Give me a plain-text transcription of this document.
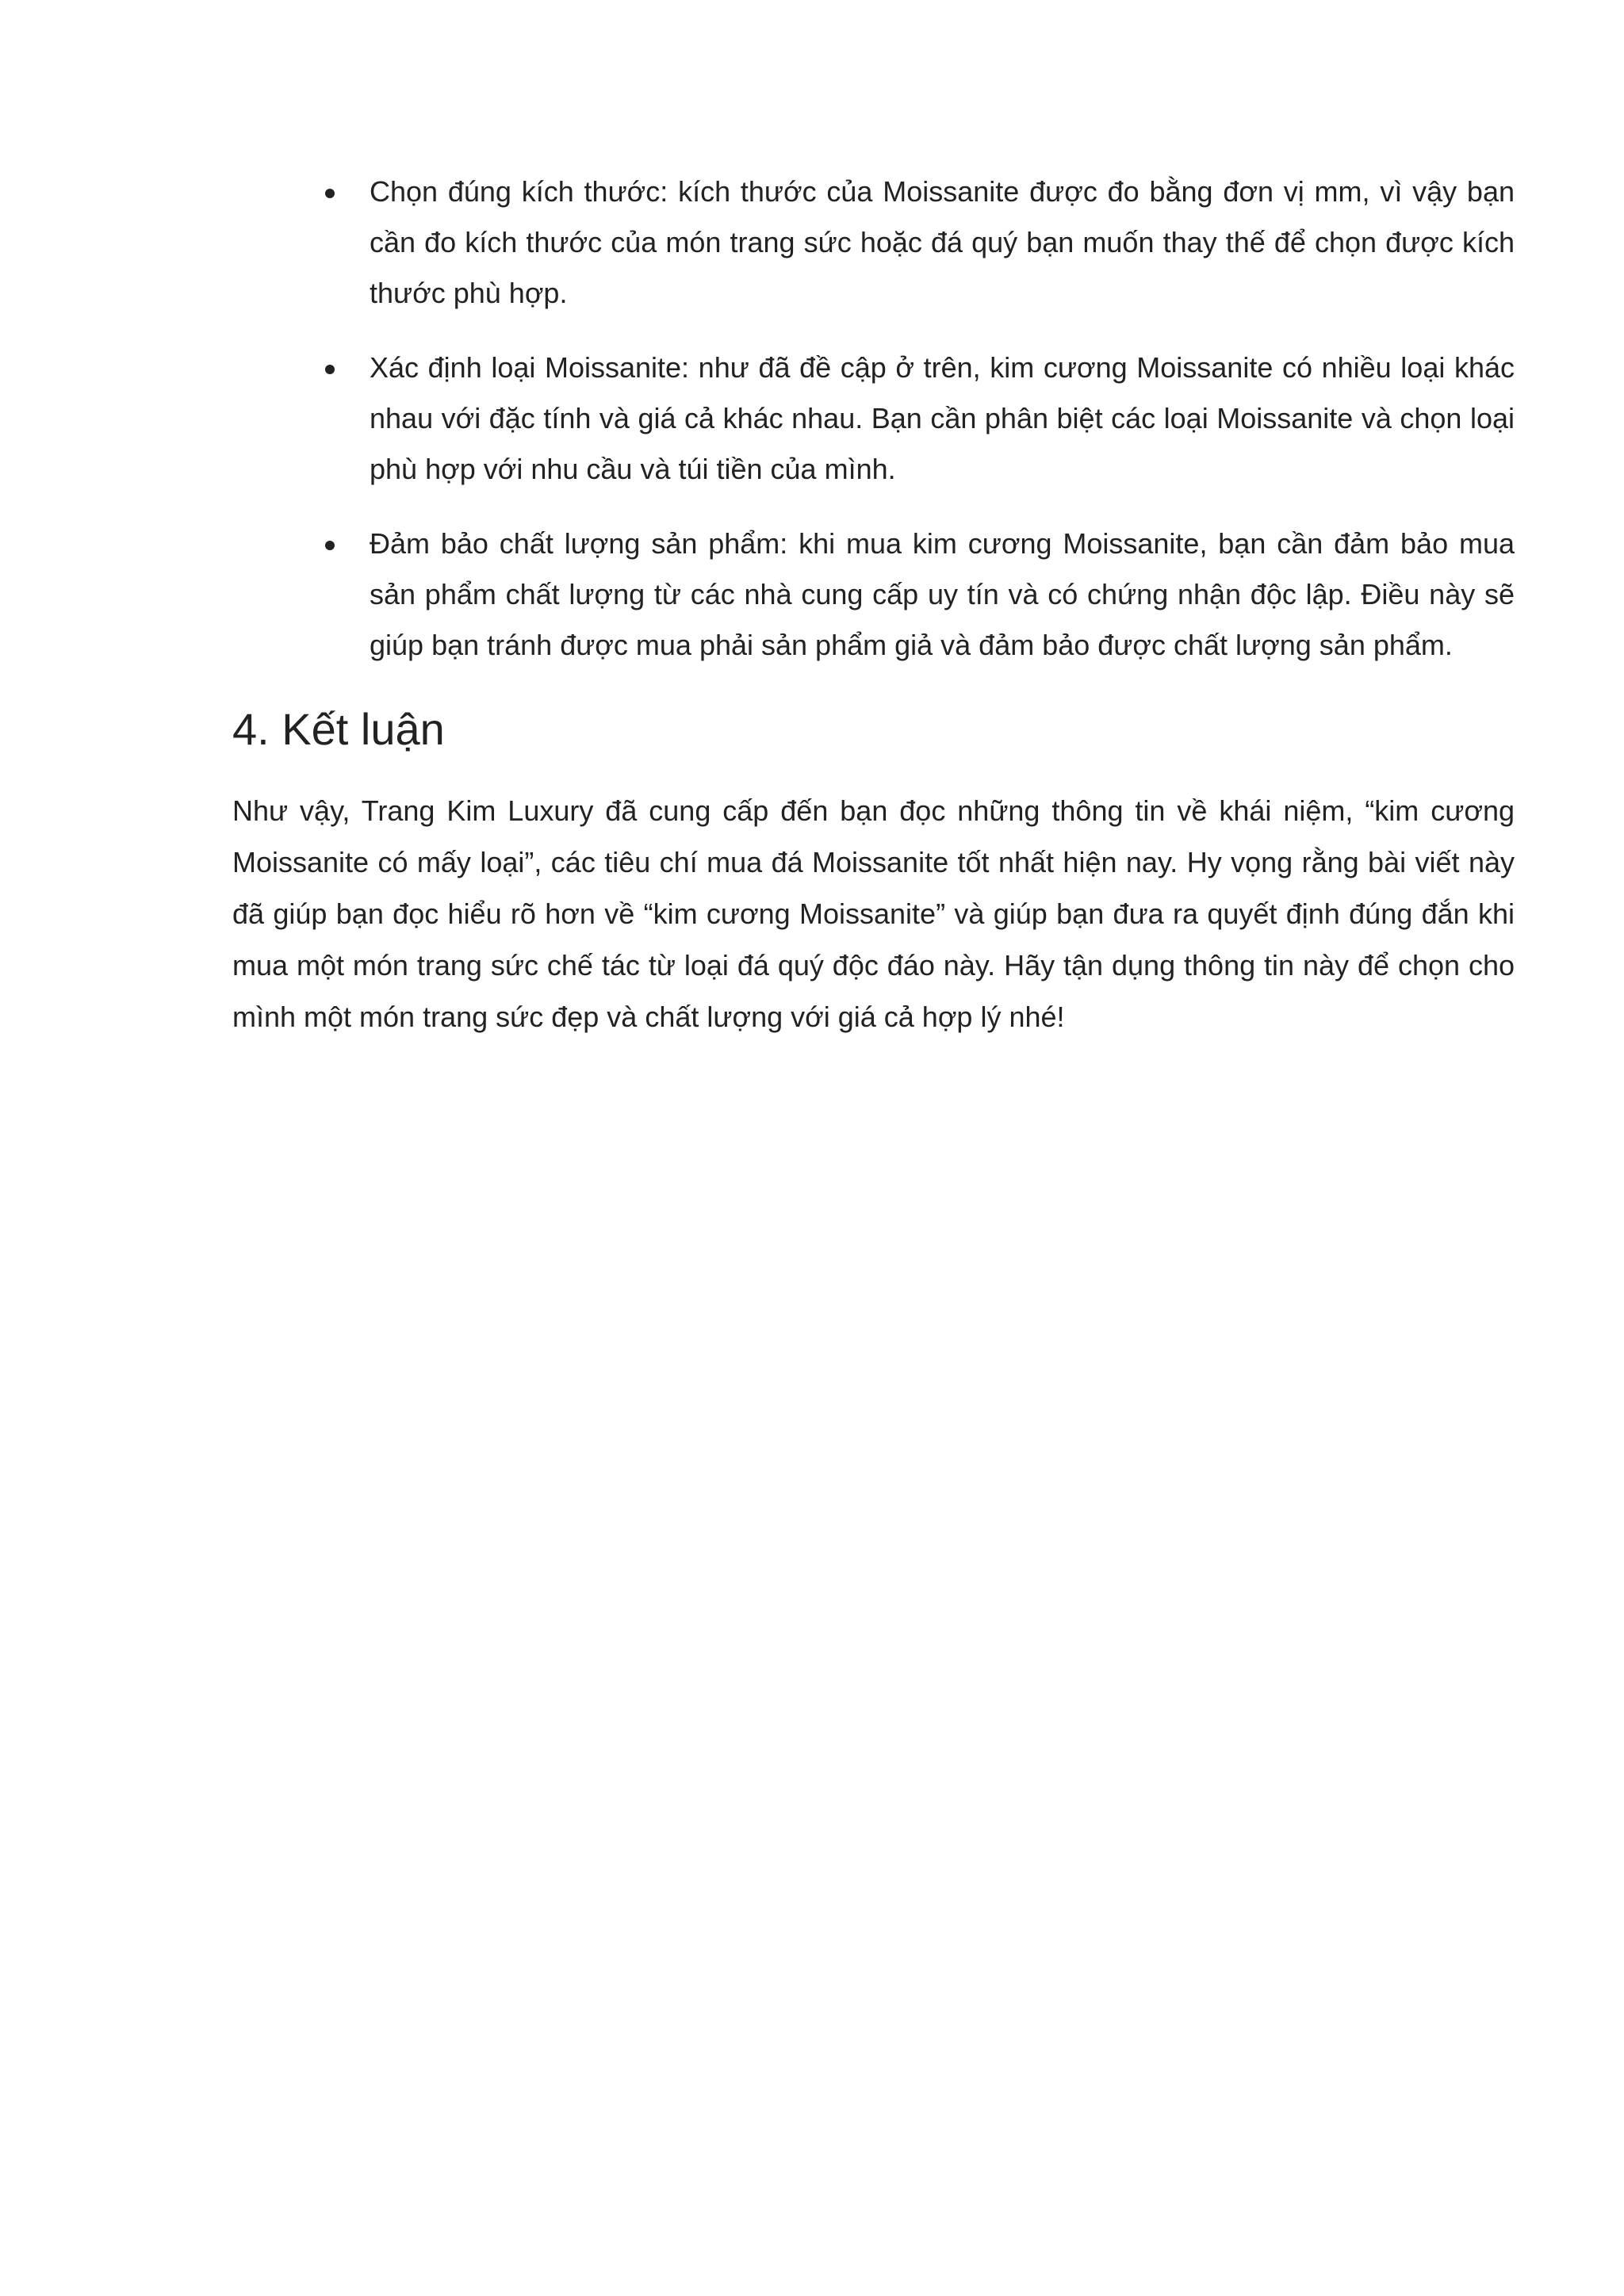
Chọn đúng kích thước: kích thước của Moissanite được đo bằng đơn vị mm, vì vậy bạn cần đo kích thước của món trang sức hoặc đá quý bạn muốn thay thế để chọn được kích thước phù hợp.
Xác định loại Moissanite: như đã đề cập ở trên, kim cương Moissanite có nhiều loại khác nhau với đặc tính và giá cả khác nhau. Bạn cần phân biệt các loại Moissanite và chọn loại phù hợp với nhu cầu và túi tiền của mình.
Đảm bảo chất lượng sản phẩm: khi mua kim cương Moissanite, bạn cần đảm bảo mua sản phẩm chất lượng từ các nhà cung cấp uy tín và có chứng nhận độc lập. Điều này sẽ giúp bạn tránh được mua phải sản phẩm giả và đảm bảo được chất lượng sản phẩm.
4. Kết luận

Như vậy, Trang Kim Luxury đã cung cấp đến bạn đọc những thông tin về khái niệm, “kim cương Moissanite có mấy loại”, các tiêu chí mua đá Moissanite tốt nhất hiện nay. Hy vọng rằng bài viết này đã giúp bạn đọc hiểu rõ hơn về “kim cương Moissanite” và giúp bạn đưa ra quyết định đúng đắn khi mua một món trang sức chế tác từ loại đá quý độc đáo này. Hãy tận dụng thông tin này để chọn cho mình một món trang sức đẹp và chất lượng với giá cả hợp lý nhé!
